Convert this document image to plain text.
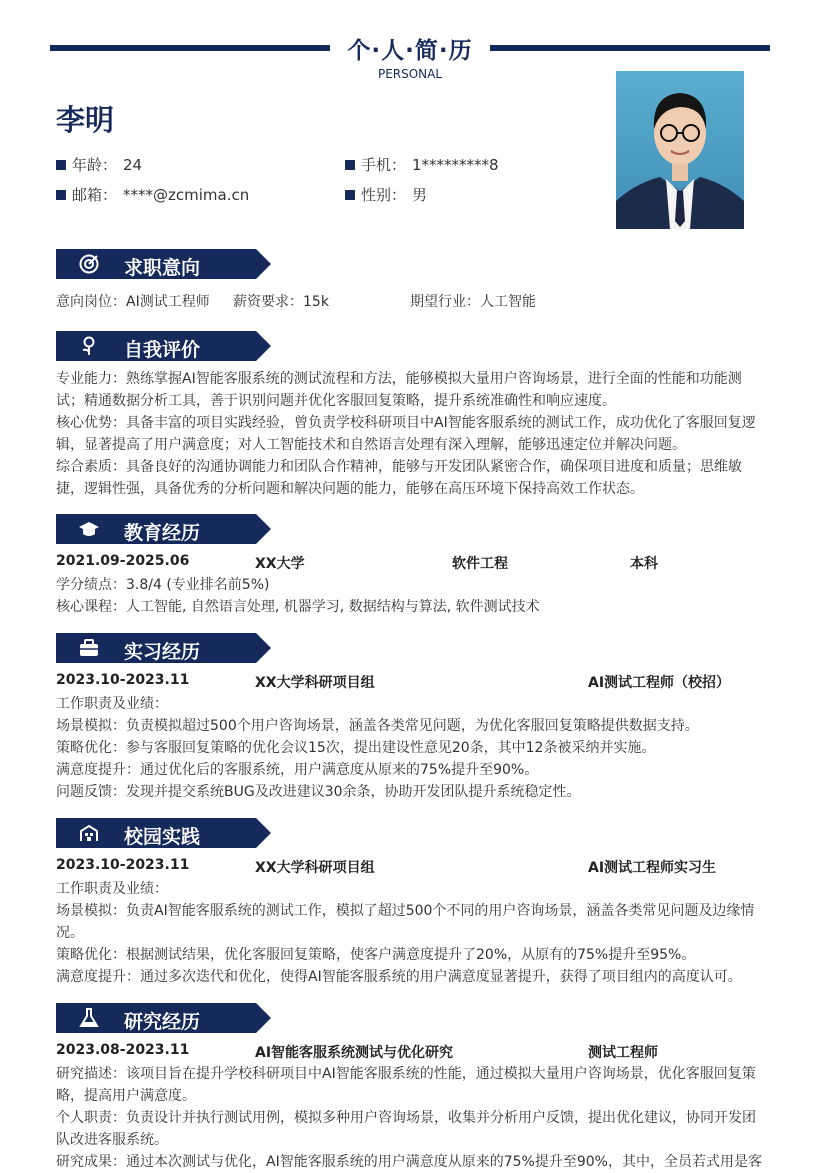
个·人·简·历
PERSONAL
李明
年龄： 24	手机： 1*********8
邮箱： ****@zcmima.cn	性别： 男
求职意向
意向岗位：AI测试工程师 薪资要求：15k	期望行业：人工智能
自我评价
专业能力：熟练掌握AI智能客服系统的测试流程和方法，能够模拟大量用户咨询场景，进行全面的性能和功能测
试；精通数据分析工具，善于识别问题并优化客服回复策略，提升系统准确性和响应速度。
核心优势：具备丰富的项目实践经验，曾负责学校科研项目中AI智能客服系统的测试工作，成功优化了客服回复逻
辑，显著提高了用户满意度；对人工智能技术和自然语言处理有深入理解，能够迅速定位并解决问题。
综合素质：具备良好的沟通协调能力和团队合作精神，能够与开发团队紧密合作，确保项目进度和质量；思维敏
捷，逻辑性强，具备优秀的分析问题和解决问题的能力，能够在高压环境下保持高效工作状态。
教育经历
2021.09-2025.06	XX大学	软件工程	本科
学分绩点：3.8/4 (专业排名前5%)
核心课程：人工智能, 自然语言处理, 机器学习, 数据结构与算法, 软件测试技术
实习经历
2023.10-2023.11	XX大学科研项目组	AI测试工程师（校招）
工作职责及业绩：
场景模拟：负责模拟超过500个用户咨询场景，涵盖各类常见问题，为优化客服回复策略提供数据支持。
策略优化：参与客服回复策略的优化会议15次，提出建设性意见20条，其中12条被采纳并实施。
满意度提升：通过优化后的客服系统，用户满意度从原来的75%提升至90%。
问题反馈：发现并提交系统BUG及改进建议30余条，协助开发团队提升系统稳定性。
校园实践
2023.10-2023.11	XX大学科研项目组	AI测试工程师实习生
工作职责及业绩：
场景模拟：负责AI智能客服系统的测试工作，模拟了超过500个不同的用户咨询场景，涵盖各类常见问题及边缘情
况。
策略优化：根据测试结果，优化客服回复策略，使客户满意度提升了20%，从原有的75%提升至95%。
满意度提升：通过多次迭代和优化，使得AI智能客服系统的用户满意度显著提升，获得了项目组内的高度认可。
研究经历
2023.08-2023.11	AI智能客服系统测试与优化研究	测试工程师
研究描述：该项目旨在提升学校科研项目中AI智能客服系统的性能，通过模拟大量用户咨询场景，优化客服回复策
略，提高用户满意度。
个人职责：负责设计并执行测试用例，模拟多种用户咨询场景，收集并分析用户反馈，提出优化建议，协同开发团
队改进客服系统。
研究成果：通过本次测试与优化，AI智能客服系统的用户满意度从原来的75%提升至90%，其中，全员若式用是客
